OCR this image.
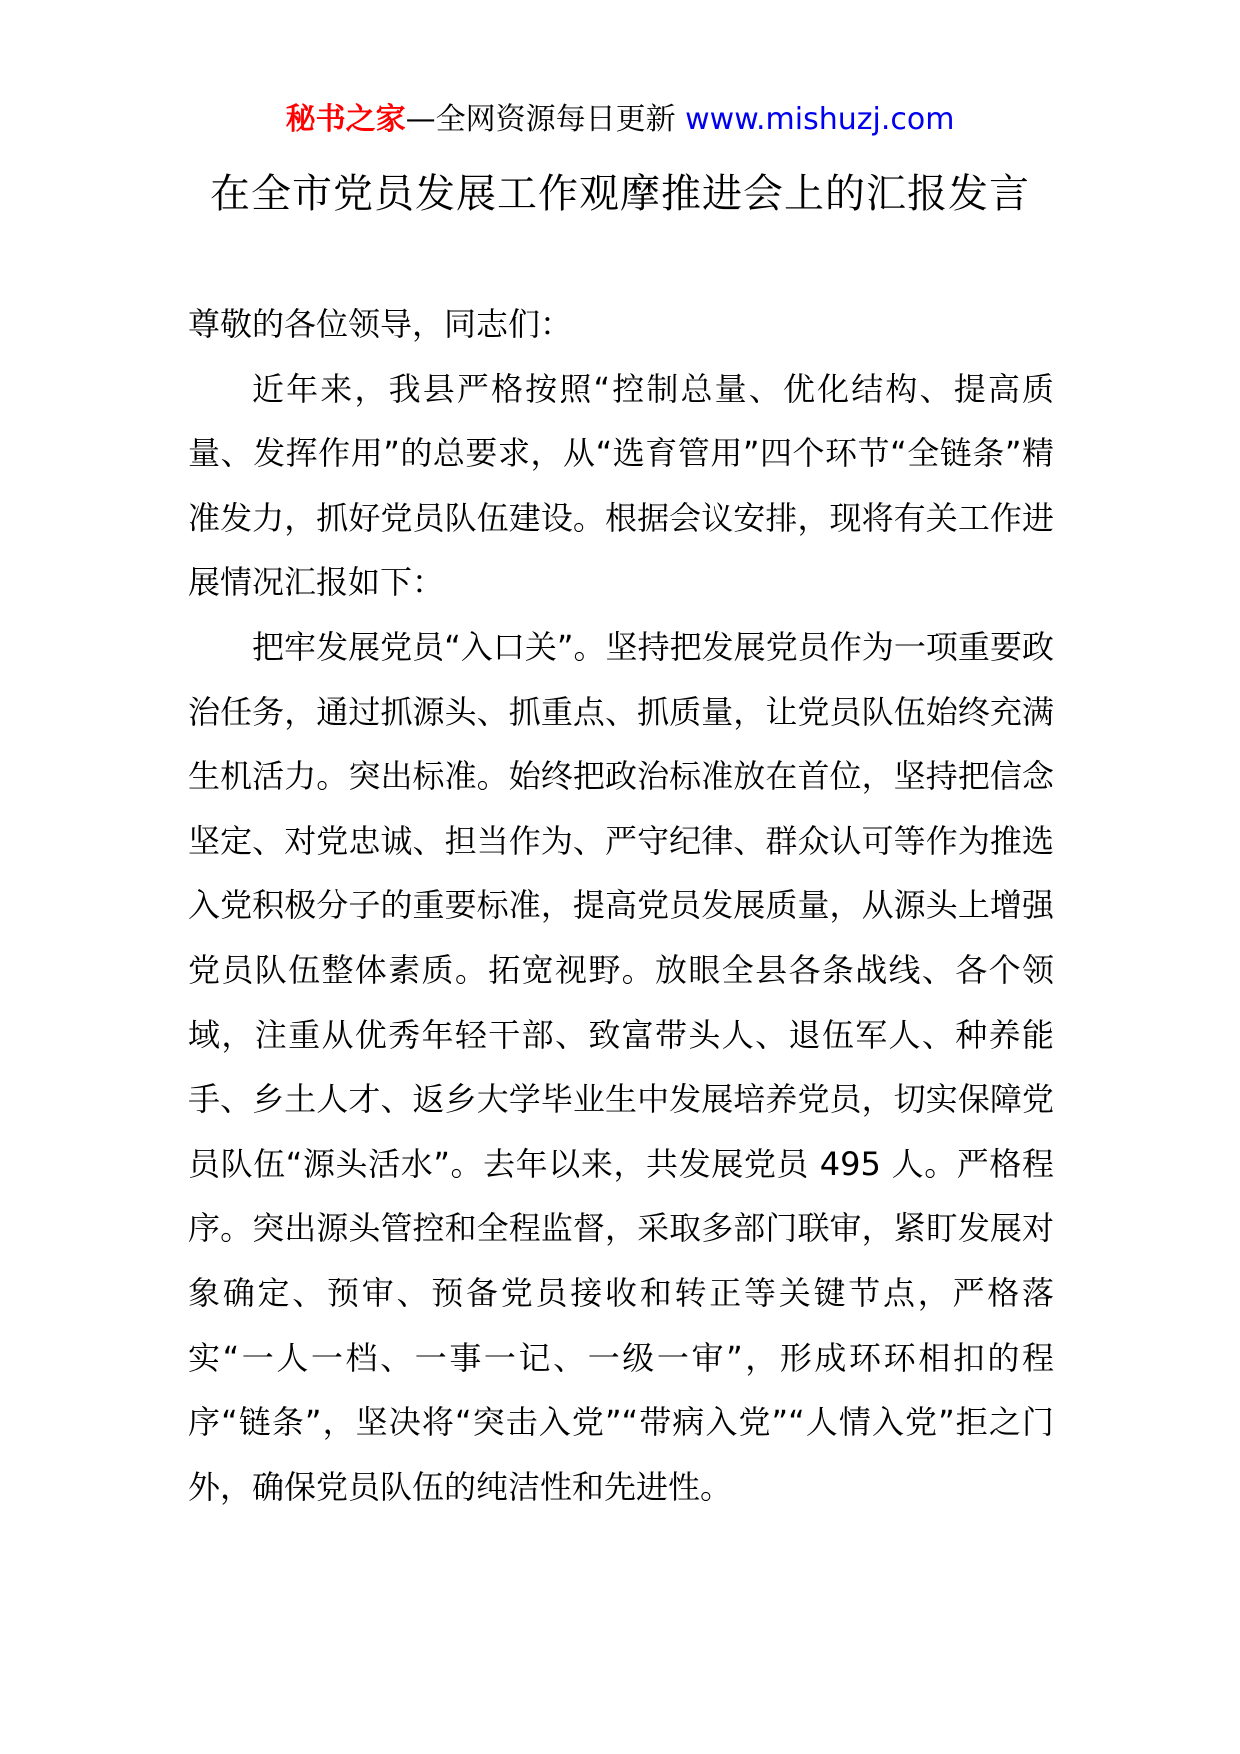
秘书之家—全网资源每日更新 www.mishuzj.com
在全市党员发展工作观摩推进会上的汇报发言

尊敬的各位领导，同志们：

近年来，我县严格按照“控制总量、优化结构、提高质量、发挥作用”的总要求，从“选育管用”四个环节“全链条”精准发力，抓好党员队伍建设。根据会议安排，现将有关工作进展情况汇报如下：

把牢发展党员“入口关”。坚持把发展党员作为一项重要政治任务，通过抓源头、抓重点、抓质量，让党员队伍始终充满生机活力。突出标准。始终把政治标准放在首位，坚持把信念坚定、对党忠诚、担当作为、严守纪律、群众认可等作为推选入党积极分子的重要标准，提高党员发展质量，从源头上增强党员队伍整体素质。拓宽视野。放眼全县各条战线、各个领域，注重从优秀年轻干部、致富带头人、退伍军人、种养能手、乡土人才、返乡大学毕业生中发展培养党员，切实保障党员队伍“源头活水”。去年以来，共发展党员 495 人。严格程序。突出源头管控和全程监督，采取多部门联审，紧盯发展对象确定、预审、预备党员接收和转正等关键节点，严格落实“一人一档、一事一记、一级一审”，形成环环相扣的程序“链条”，坚决将“突击入党”“带病入党”“人情入党”拒之门外，确保党员队伍的纯洁性和先进性。
